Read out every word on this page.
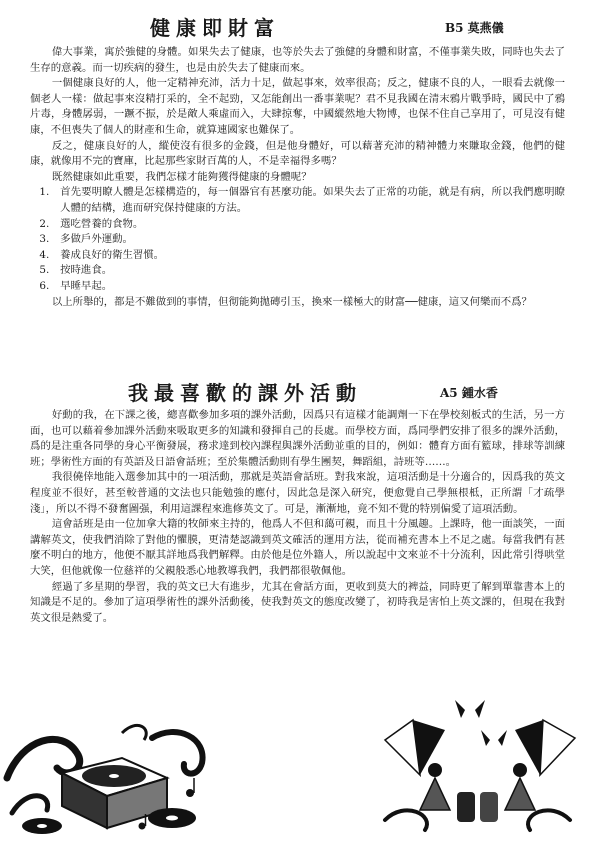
健康即財富	B5 莫燕儀

偉大事業，寓於強健的身體。如果失去了健康，也等於失去了強健的身體和財富，不僅事業失敗，同時也失去了生存的意義。而一切疾病的發生，也是由於失去了健康而來。

一個健康良好的人，他一定精神充沛，活力十足，做起事來，效率很高；反之，健康不良的人，一眼看去就像一個老人一樣：做起事來沒精打采的，全不起勁，又怎能創出一番事業呢？君不見我國在清末鴉片戰爭時，國民中了鴉片毒，身體孱弱，一蹶不振，於是敵人乘虛而入，大肆掠奪，中國縱然地大物博，也保不住自己享用了，可見沒有健康，不但喪失了個人的財產和生命，就算連國家也難保了。

反之，健康良好的人，縱使沒有很多的金錢，但是他身體好，可以藉著充沛的精神體力來賺取金錢，他們的健康，就像用不完的寶庫，比起那些家財百萬的人，不是幸福得多嗎？

既然健康如此重要，我們怎樣才能夠獲得健康的身體呢？

1. 首先要明瞭人體是怎樣構造的，每一個器官有甚麼功能。如果失去了正常的功能，就是有病，所以我們應明瞭人體的結構，進而研究保持健康的方法。
2. 選吃營養的食物。
3. 多做戶外運動。
4. 養成良好的衛生習慣。
5. 按時進食。
6. 早睡早起。

以上所舉的，都是不難做到的事情，但彻能夠拋磚引玉，換來一樣極大的財富──健康，這又何樂而不爲？

我最喜歡的課外活動	A5 鍾水香

好動的我，在下課之後，總喜歡參加多項的課外活動，因爲只有這樣才能調劑一下在學校刻板式的生活，另一方面，也可以藉着參加課外活動來吸取更多的知識和發揮自己的長處。而學校方面，爲同學們安排了很多的課外活動，爲的是注重各同學的身心平衡發展，務求達到校內課程與課外活動並重的目的，例如：體育方面有籃球，排球等訓練班；學術性方面的有英語及日語會話班；至於集體活動則有學生團契，舞蹈組，詩班等……。

我很僥倖地能入選參加其中的一項活動，那就是英語會話班。對我來說，這項活動是十分適合的，因爲我的英文程度並不很好，甚至較普通的文法也只能勉強的應付，因此急是深入研究，便愈覺自己學無根柢，正所謂「才疏學淺」，所以不得不發奮圖强，利用這課程來進修英文了。可是，漸漸地，竟不知不覺的特別偏愛了這項活動。

這會話班是由一位加拿大籍的牧師來主持的，他爲人不但和藹可親，而且十分風趣。上課時，他一面談笑，一面講解英文，使我們消除了對他的懼膜，更清楚認識到英文確活的運用方法，從而補充書本上不足之處。每當我們有甚麼不明白的地方，他便不厭其詳地爲我們解釋。由於他是位外籍人，所以說起中文來並不十分流利，因此常引得哄堂大笑，但他就像一位慈祥的父親般悉心地教導我們，我們都很敬佩他。

經過了多星期的學習，我的英文已大有進步，尤其在會話方面，更收到莫大的裨益，同時更了解到單靠書本上的知識是不足的。參加了這項學術性的課外活動後，使我對英文的態度改變了，初時我是害怕上英文課的，但現在我對英文很是熱愛了。
